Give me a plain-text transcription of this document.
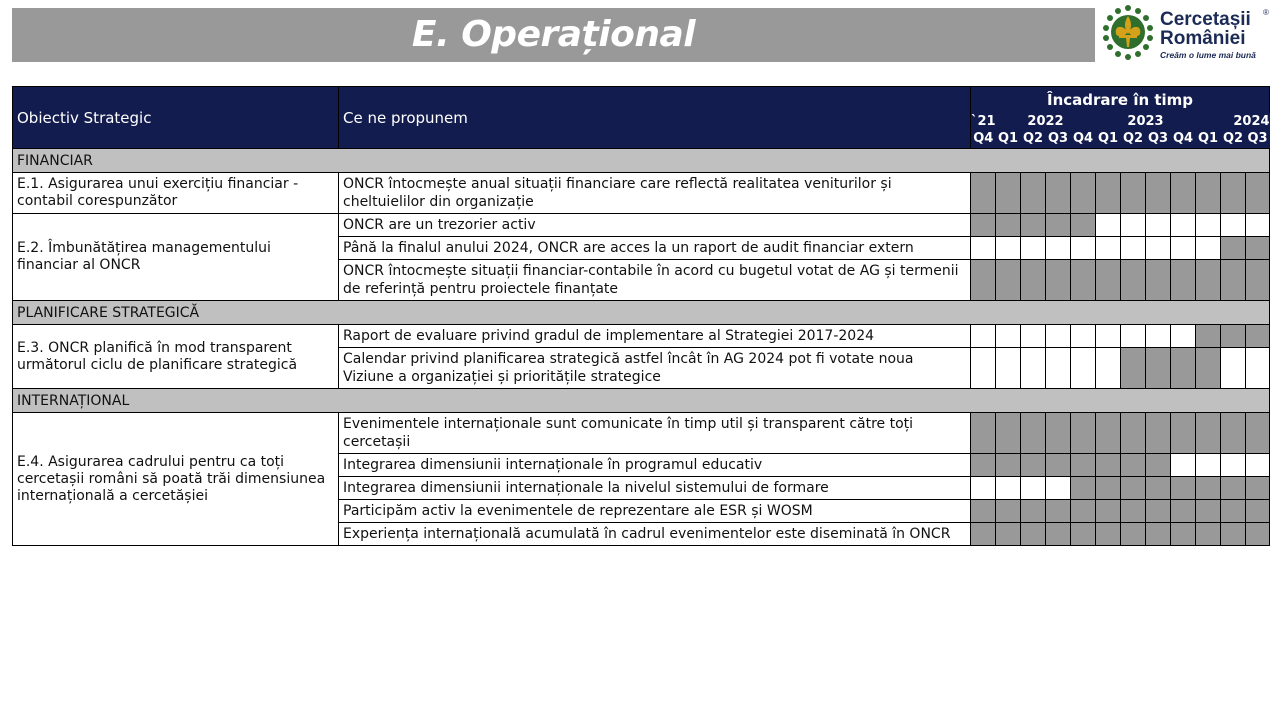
E. Operațional	Cercetașii
României
®
Creăm o lume mai bună
Obiectiv Strategic	Ce ne propunem	Încadrare în timp											
		`21	2022				2023				2024		
		Q4	Q1	Q2	Q3	Q4	Q1	Q2	Q3	Q4	Q1	Q2	Q3
FINANCIAR													
E.1. Asigurarea unui exercițiu financiar - contabil corespunzător	ONCR întocmește anual situații financiare care reflectă realitatea veniturilor și cheltuielilor din organizație												
E.2. Îmbunătățirea managementului financiar al ONCR	ONCR are un trezorier activ												
	Până la finalul anului 2024, ONCR are acces la un raport de audit financiar extern												
	ONCR întocmește situații financiar-contabile în acord cu bugetul votat de AG și termenii de referință pentru proiectele finanțate												
PLANIFICARE STRATEGICĂ													
E.3. ONCR planifică în mod transparent următorul ciclu de planificare strategică	Raport de evaluare privind gradul de implementare al Strategiei 2017-2024												
	Calendar privind planificarea strategică astfel încât în AG 2024 pot fi votate noua Viziune a organizației și prioritățile strategice												
INTERNAȚIONAL													
E.4. Asigurarea cadrului pentru ca toți cercetașii români să poată trăi dimensiunea internațională a cercetășiei	Evenimentele internaționale sunt comunicate în timp util și transparent către toți cercetașii												
	Integrarea dimensiunii internaționale în programul educativ												
	Integrarea dimensiunii internaționale la nivelul sistemului de formare												
	Participăm activ la evenimentele de reprezentare ale ESR și WOSM												
	Experiența internațională acumulată în cadrul evenimentelor este diseminată în ONCR												
